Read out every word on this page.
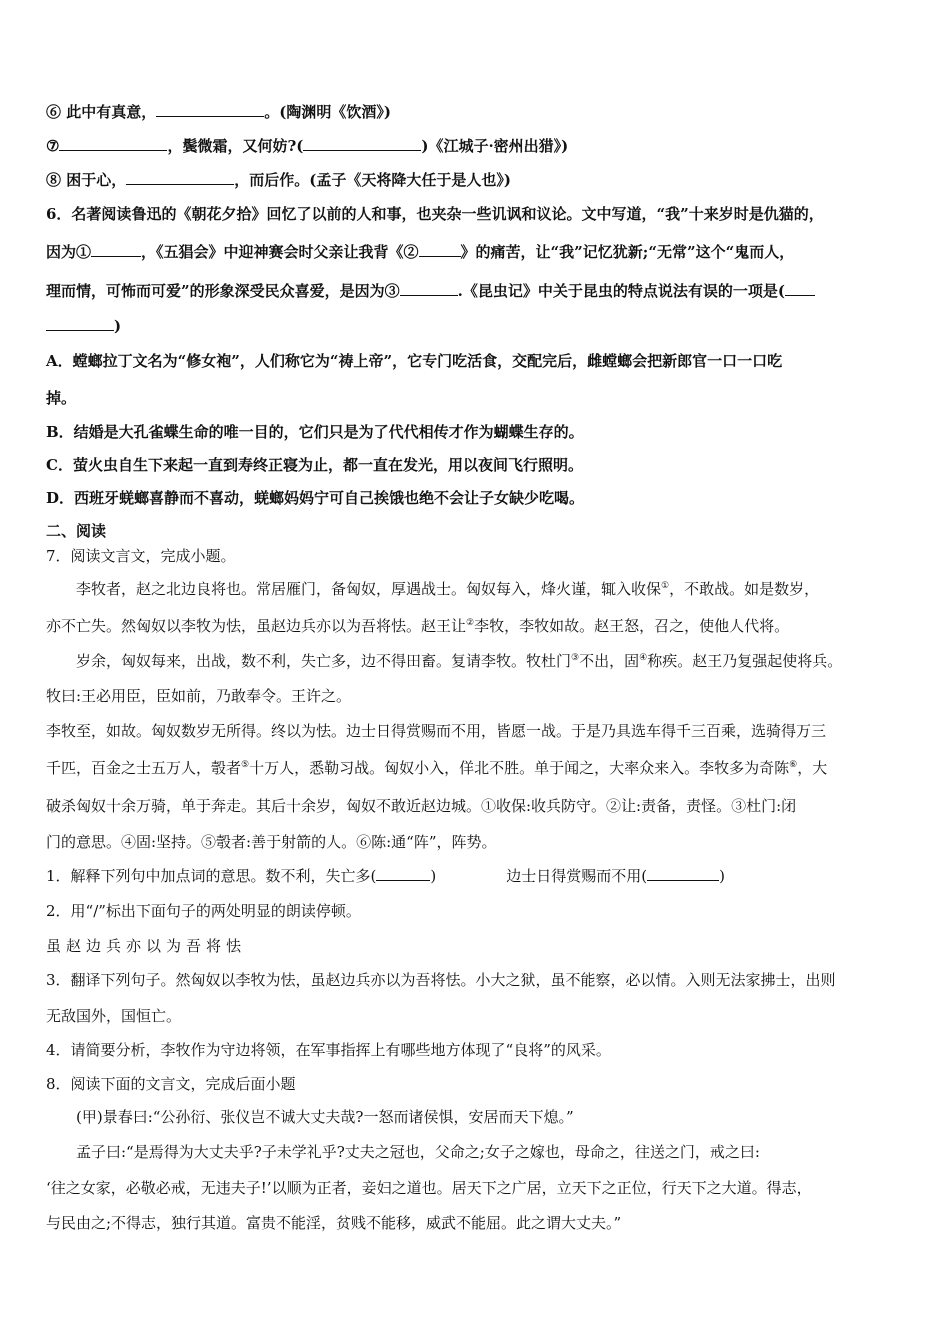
⑥ 此中有真意，	。(陶渊明《饮酒》)
⑦	，鬓微霜，又何妨?(	)《江城子·密州出猎》)
⑧ 困于心，	，而后作。(孟子《天将降大任于是人也》)
6．名著阅读鲁迅的《朝花夕拾》回忆了以前的人和事，也夹杂一些讥讽和议论。文中写道，“我”十来岁时是仇猫的，
因为①	，《五猖会》中迎神赛会时父亲让我背《②	》的痛苦，让“我”记忆犹新;“无常”这个“鬼而人，
理而情，可怖而可爱”的形象深受民众喜爱，是因为③	.《昆虫记》中关于昆虫的特点说法有误的一项是(
)
A．螳螂拉丁文名为“修女袍”，人们称它为“祷上帝”，它专门吃活食，交配完后，雌螳螂会把新郎官一口一口吃
掉。
B．结婚是大孔雀蝶生命的唯一目的，它们只是为了代代相传才作为蝴蝶生存的。
C．萤火虫自生下来起一直到寿终正寝为止，都一直在发光，用以夜间飞行照明。
D．西班牙蜣螂喜静而不喜动，蜣螂妈妈宁可自己挨饿也绝不会让子女缺少吃喝。
二、阅读
7．阅读文言文，完成小题。
李牧者，赵之北边良将也。常居雁门，备匈奴，厚遇战士。匈奴每入，烽火谨，辄入收保①，不敢战。如是数岁，
亦不亡失。然匈奴以李牧为怯，虽赵边兵亦以为吾将怯。赵王让②李牧，李牧如故。赵王怒，召之，使他人代将。
岁余，匈奴每来，出战，数不利，失亡多，边不得田畜。复请李牧。牧杜门③不出，固④称疾。赵王乃复强起使将兵。
牧曰:王必用臣，臣如前，乃敢奉令。王许之。
李牧至，如故。匈奴数岁无所得。终以为怯。边士日得赏赐而不用，皆愿一战。于是乃具选车得千三百乘，选骑得万三
千匹，百金之士五万人，彀者⑤十万人，悉勒习战。匈奴小入，佯北不胜。单于闻之，大率众来入。李牧多为奇陈⑥，大
破杀匈奴十余万骑，单于奔走。其后十余岁，匈奴不敢近赵边城。①收保:收兵防守。②让:责备，责怪。③杜门:闭
门的意思。④固:坚持。⑤彀者:善于射箭的人。⑥陈:通“阵”，阵势。
1．解释下列句中加点词的意思。数不利，失亡多(	)	边士日得赏赐而不用(	)
2．用“/”标出下面句子的两处明显的朗读停顿。
虽赵边兵亦以为吾将怯
3．翻译下列句子。然匈奴以李牧为怯，虽赵边兵亦以为吾将怯。小大之狱，虽不能察，必以情。入则无法家拂士，出则
无敌国外，国恒亡。
4．请简要分析，李牧作为守边将领，在军事指挥上有哪些地方体现了“良将”的风采。
8．阅读下面的文言文，完成后面小题
(甲)景春曰:“公孙衍、张仪岂不诚大丈夫哉?一怒而诸侯惧，安居而天下熄。”
孟子曰:“是焉得为大丈夫乎?子未学礼乎?丈夫之冠也，父命之;女子之嫁也，母命之，往送之门，戒之曰:
‘往之女家，必敬必戒，无违夫子!’以顺为正者，妾妇之道也。居天下之广居，立天下之正位，行天下之大道。得志，
与民由之;不得志，独行其道。富贵不能淫，贫贱不能移，威武不能屈。此之谓大丈夫。”
